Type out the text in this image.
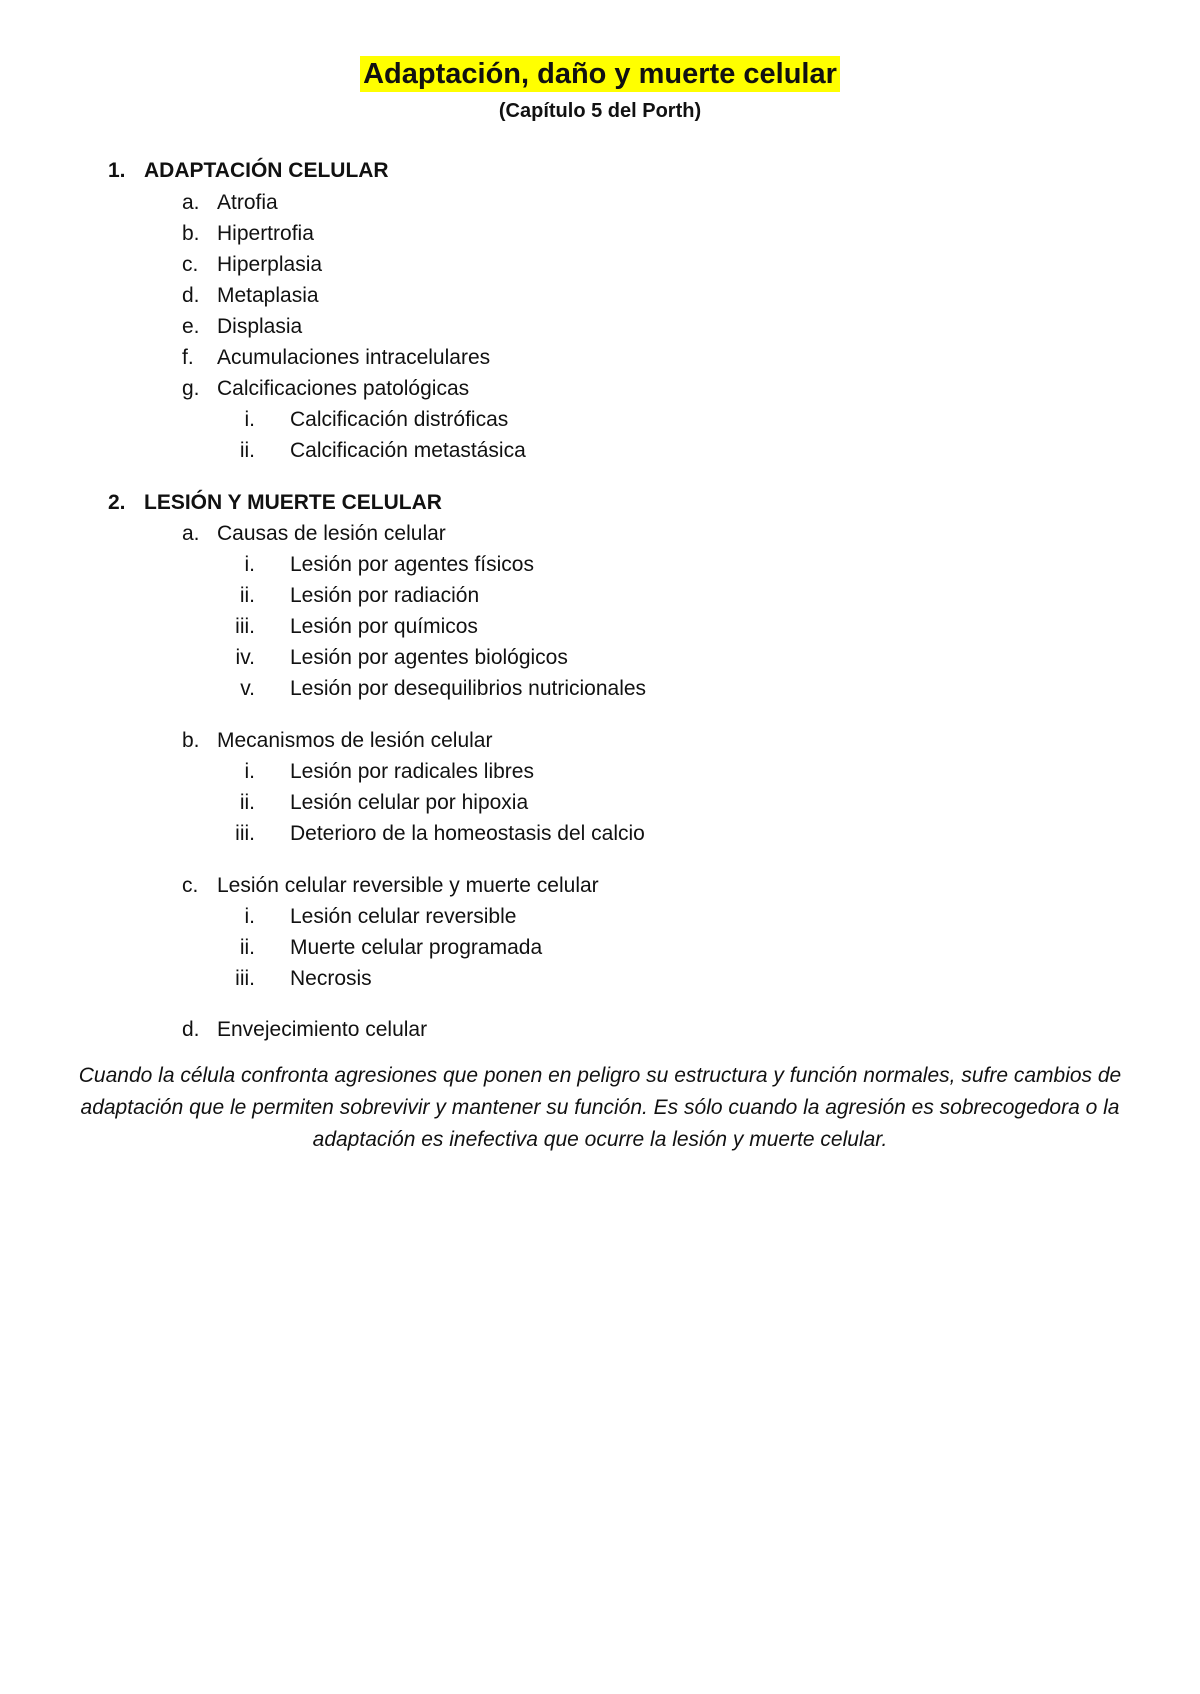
Adaptación, daño y muerte celular
(Capítulo 5 del Porth)
1. ADAPTACIÓN CELULAR
a. Atrofia
b. Hipertrofia
c. Hiperplasia
d. Metaplasia
e. Displasia
f. Acumulaciones intracelulares
g. Calcificaciones patológicas
i. Calcificación distróficas
ii. Calcificación metastásica
2. LESIÓN Y MUERTE CELULAR
a. Causas de lesión celular
i. Lesión por agentes físicos
ii. Lesión por radiación
iii. Lesión por químicos
iv. Lesión por agentes biológicos
v. Lesión por desequilibrios nutricionales
b. Mecanismos de lesión celular
i. Lesión por radicales libres
ii. Lesión celular por hipoxia
iii. Deterioro de la homeostasis del calcio
c. Lesión celular reversible y muerte celular
i. Lesión celular reversible
ii. Muerte celular programada
iii. Necrosis
d. Envejecimiento celular
Cuando la célula confronta agresiones que ponen en peligro su estructura y función normales, sufre cambios de adaptación que le permiten sobrevivir y mantener su función. Es sólo cuando la agresión es sobrecogedora o la adaptación es inefectiva que ocurre la lesión y muerte celular.
